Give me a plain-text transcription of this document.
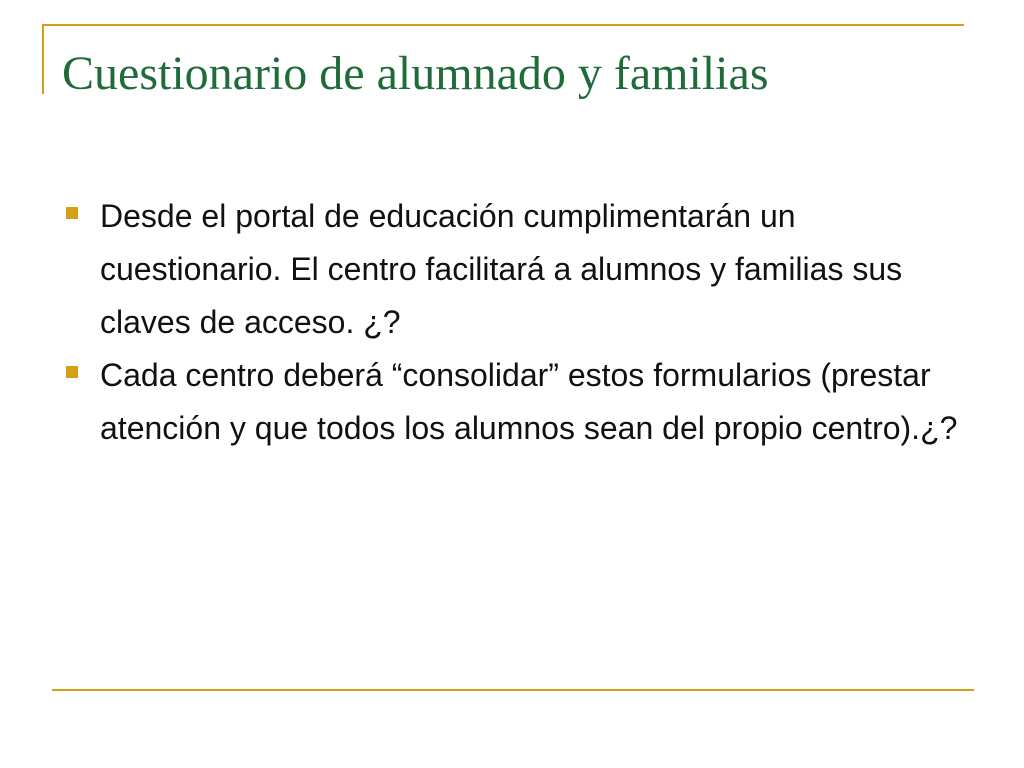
Cuestionario de alumnado y familias
Desde el portal de educación cumplimentarán un cuestionario. El centro facilitará a alumnos y familias sus claves de acceso. ¿?
Cada centro deberá “consolidar” estos formularios (prestar atención y que todos los alumnos sean del propio centro).¿?
